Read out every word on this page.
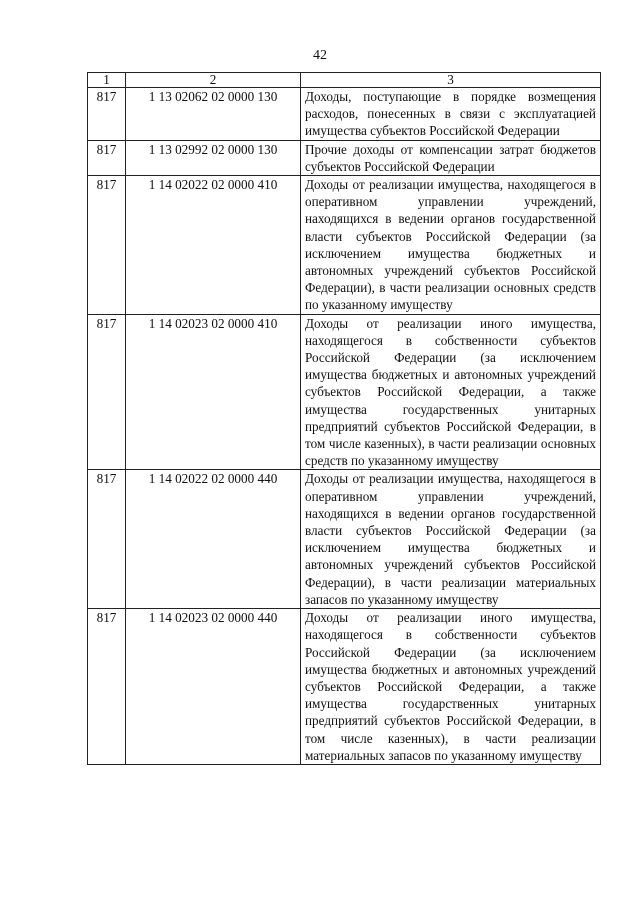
42
1	2	3
817	1 13 02062 02 0000 130	Доходы, поступающие в порядке возмещения расходов, понесенных в связи с эксплуатацией имущества субъектов Российской Федерации
817	1 13 02992 02 0000 130	Прочие доходы от компенсации затрат бюджетов субъектов Российской Федерации
817	1 14 02022 02 0000 410	Доходы от реализации имущества, находящегося в оперативном управлении учреждений, находящихся в ведении органов государственной власти субъектов Российской Федерации (за исключением имущества бюджетных и автономных учреждений субъектов Российской Федерации), в части реализации основных средств по указанному имуществу
817	1 14 02023 02 0000 410	Доходы от реализации иного имущества, находящегося в собственности субъектов Российской Федерации (за исключением имущества бюджетных и автономных учреждений субъектов Российской Федерации, а также имущества государственных унитарных предприятий субъектов Российской Федерации, в том числе казенных), в части реализации основных средств по указанному имуществу
817	1 14 02022 02 0000 440	Доходы от реализации имущества, находящегося в оперативном управлении учреждений, находящихся в ведении органов государственной власти субъектов Российской Федерации (за исключением имущества бюджетных и автономных учреждений субъектов Российской Федерации), в части реализации материальных запасов по указанному имуществу
817	1 14 02023 02 0000 440	Доходы от реализации иного имущества, находящегося в собственности субъектов Российской Федерации (за исключением имущества бюджетных и автономных учреждений субъектов Российской Федерации, а также имущества государственных унитарных предприятий субъектов Российской Федерации, в том числе казенных), в части реализации материальных запасов по указанному имуществу
